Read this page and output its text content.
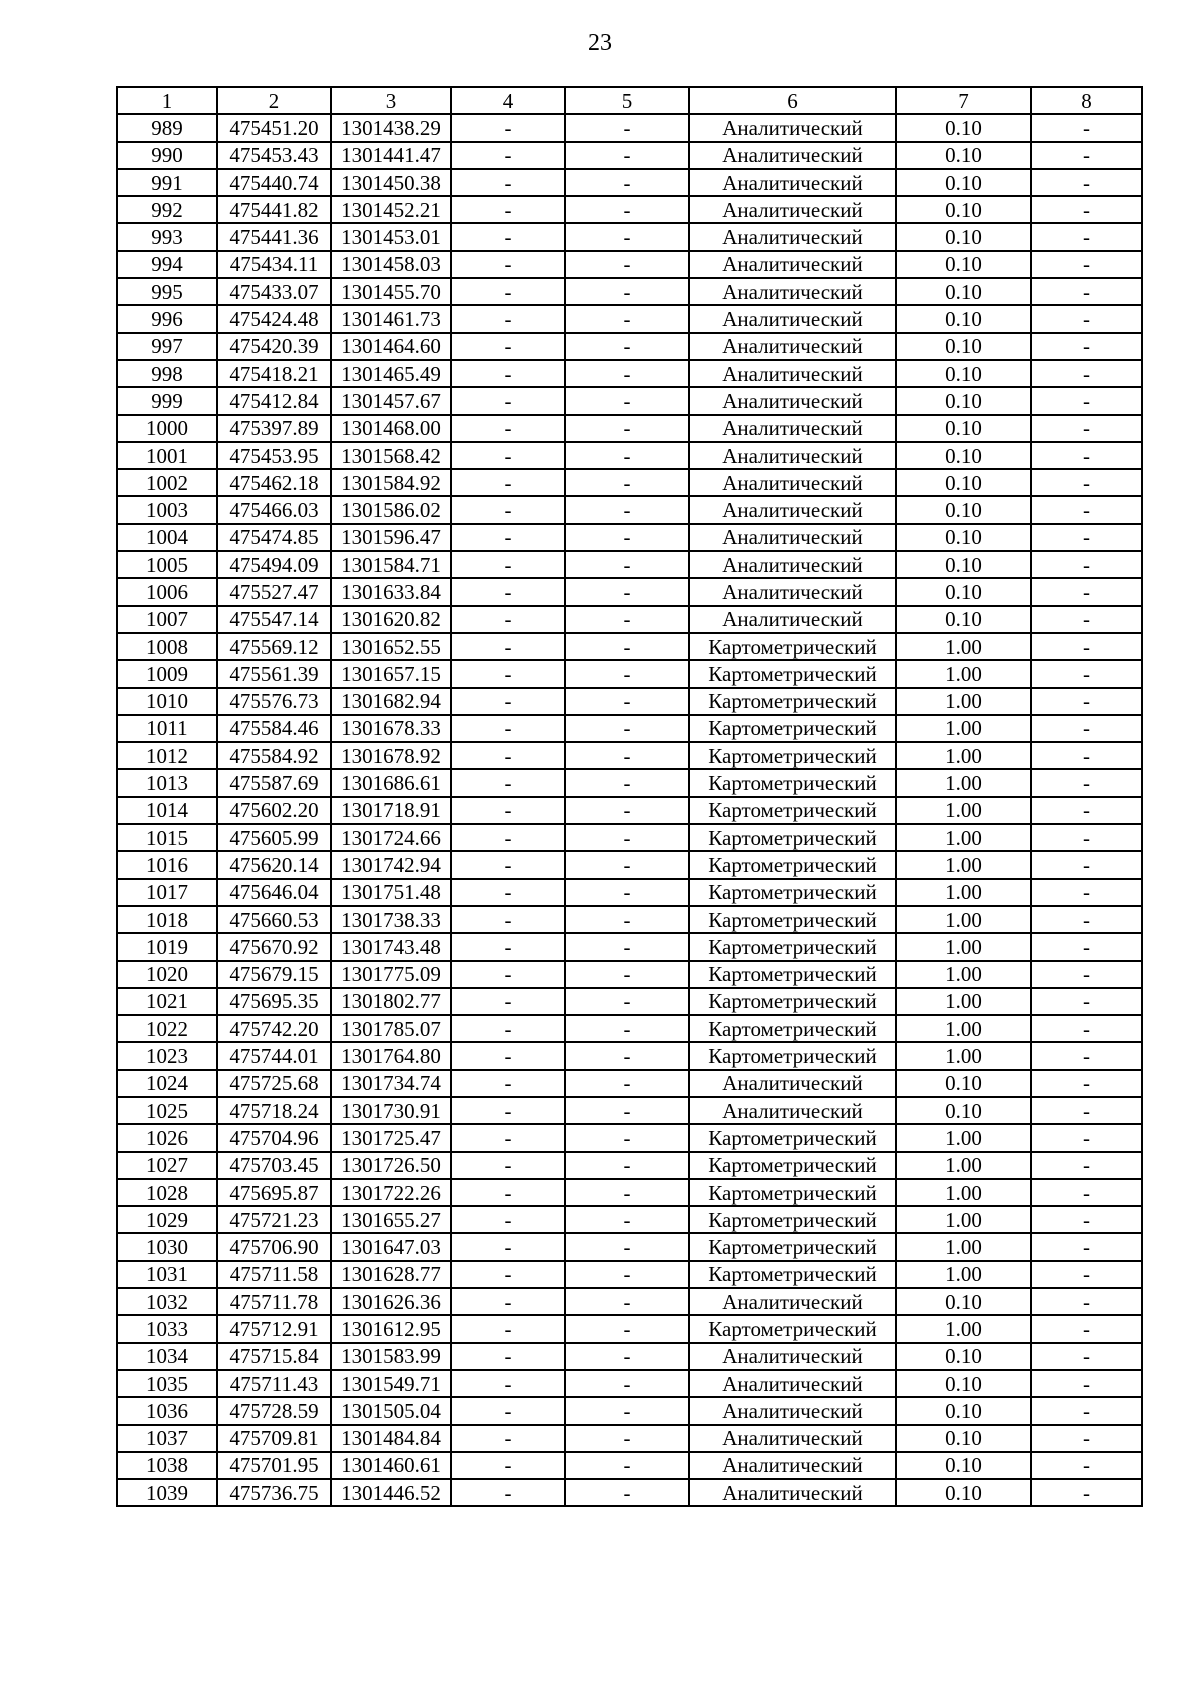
23
1	2	3	4	5	6	7	8
989	475451.20	1301438.29	-	-	Аналитический	0.10	-
990	475453.43	1301441.47	-	-	Аналитический	0.10	-
991	475440.74	1301450.38	-	-	Аналитический	0.10	-
992	475441.82	1301452.21	-	-	Аналитический	0.10	-
993	475441.36	1301453.01	-	-	Аналитический	0.10	-
994	475434.11	1301458.03	-	-	Аналитический	0.10	-
995	475433.07	1301455.70	-	-	Аналитический	0.10	-
996	475424.48	1301461.73	-	-	Аналитический	0.10	-
997	475420.39	1301464.60	-	-	Аналитический	0.10	-
998	475418.21	1301465.49	-	-	Аналитический	0.10	-
999	475412.84	1301457.67	-	-	Аналитический	0.10	-
1000	475397.89	1301468.00	-	-	Аналитический	0.10	-
1001	475453.95	1301568.42	-	-	Аналитический	0.10	-
1002	475462.18	1301584.92	-	-	Аналитический	0.10	-
1003	475466.03	1301586.02	-	-	Аналитический	0.10	-
1004	475474.85	1301596.47	-	-	Аналитический	0.10	-
1005	475494.09	1301584.71	-	-	Аналитический	0.10	-
1006	475527.47	1301633.84	-	-	Аналитический	0.10	-
1007	475547.14	1301620.82	-	-	Аналитический	0.10	-
1008	475569.12	1301652.55	-	-	Картометрический	1.00	-
1009	475561.39	1301657.15	-	-	Картометрический	1.00	-
1010	475576.73	1301682.94	-	-	Картометрический	1.00	-
1011	475584.46	1301678.33	-	-	Картометрический	1.00	-
1012	475584.92	1301678.92	-	-	Картометрический	1.00	-
1013	475587.69	1301686.61	-	-	Картометрический	1.00	-
1014	475602.20	1301718.91	-	-	Картометрический	1.00	-
1015	475605.99	1301724.66	-	-	Картометрический	1.00	-
1016	475620.14	1301742.94	-	-	Картометрический	1.00	-
1017	475646.04	1301751.48	-	-	Картометрический	1.00	-
1018	475660.53	1301738.33	-	-	Картометрический	1.00	-
1019	475670.92	1301743.48	-	-	Картометрический	1.00	-
1020	475679.15	1301775.09	-	-	Картометрический	1.00	-
1021	475695.35	1301802.77	-	-	Картометрический	1.00	-
1022	475742.20	1301785.07	-	-	Картометрический	1.00	-
1023	475744.01	1301764.80	-	-	Картометрический	1.00	-
1024	475725.68	1301734.74	-	-	Аналитический	0.10	-
1025	475718.24	1301730.91	-	-	Аналитический	0.10	-
1026	475704.96	1301725.47	-	-	Картометрический	1.00	-
1027	475703.45	1301726.50	-	-	Картометрический	1.00	-
1028	475695.87	1301722.26	-	-	Картометрический	1.00	-
1029	475721.23	1301655.27	-	-	Картометрический	1.00	-
1030	475706.90	1301647.03	-	-	Картометрический	1.00	-
1031	475711.58	1301628.77	-	-	Картометрический	1.00	-
1032	475711.78	1301626.36	-	-	Аналитический	0.10	-
1033	475712.91	1301612.95	-	-	Картометрический	1.00	-
1034	475715.84	1301583.99	-	-	Аналитический	0.10	-
1035	475711.43	1301549.71	-	-	Аналитический	0.10	-
1036	475728.59	1301505.04	-	-	Аналитический	0.10	-
1037	475709.81	1301484.84	-	-	Аналитический	0.10	-
1038	475701.95	1301460.61	-	-	Аналитический	0.10	-
1039	475736.75	1301446.52	-	-	Аналитический	0.10	-
